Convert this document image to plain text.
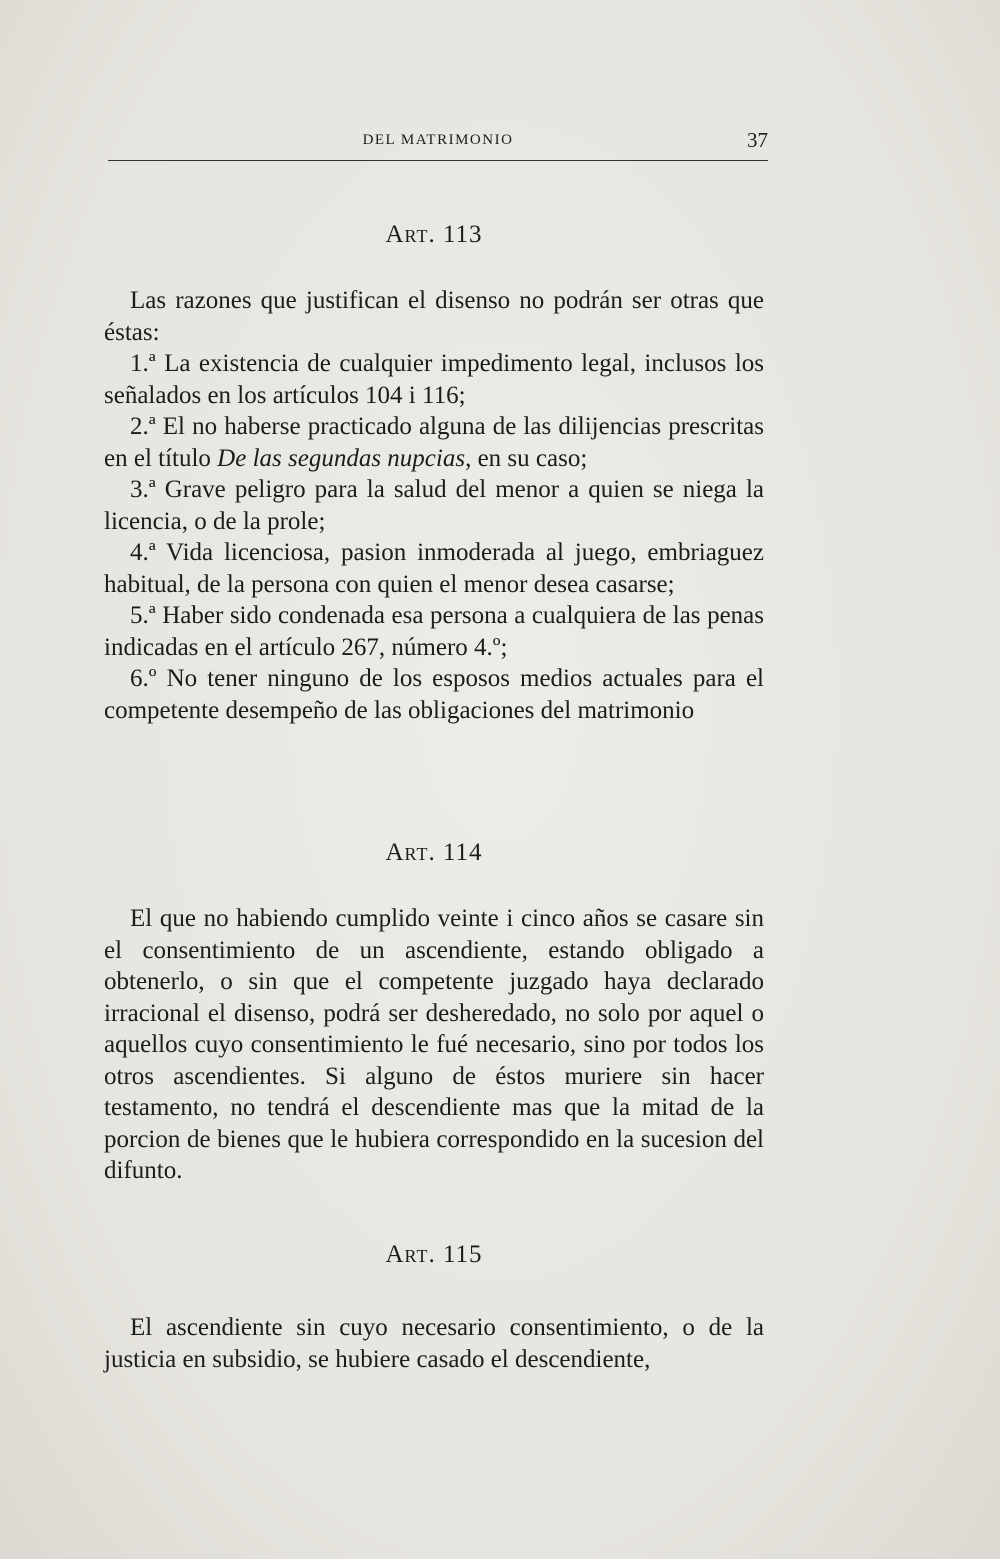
DEL MATRIMONIO	37
Art. 113

Las razones que justifican el disenso no podrán ser otras que éstas:

1.ª La existencia de cualquier impedimento legal, inclusos los señalados en los artículos 104 i 116;

2.ª El no haberse practicado alguna de las dilijencias prescritas en el título De las segundas nupcias, en su caso;

3.ª Grave peligro para la salud del menor a quien se niega la licencia, o de la prole;

4.ª Vida licenciosa, pasion inmoderada al juego, embriaguez habitual, de la persona con quien el menor desea casarse;

5.ª Haber sido condenada esa persona a cualquiera de las penas indicadas en el artículo 267, número 4.º;

6.º No tener ninguno de los esposos medios actuales para el competente desempeño de las obligaciones del matrimonio

Art. 114

El que no habiendo cumplido veinte i cinco años se casare sin el consentimiento de un ascendiente, estando obligado a obtenerlo, o sin que el competente juzgado haya declarado irracional el disenso, podrá ser desheredado, no solo por aquel o aquellos cuyo consentimiento le fué necesario, sino por todos los otros ascendientes. Si alguno de éstos muriere sin hacer testamento, no tendrá el descendiente mas que la mitad de la porcion de bienes que le hubiera correspondido en la sucesion del difunto.

Art. 115

El ascendiente sin cuyo necesario consentimiento, o de la justicia en subsidio, se hubiere casado el descendiente,
